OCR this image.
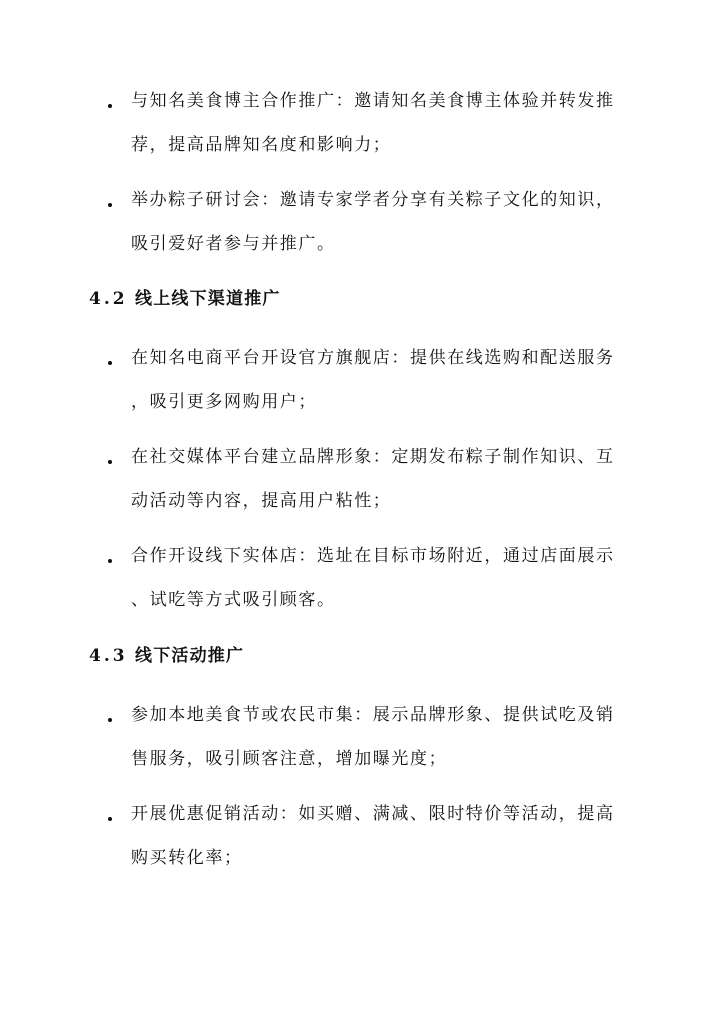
与知名美食博主合作推广：邀请知名美食博主体验并转发推
荐，提高品牌知名度和影响力；
举办粽子研讨会：邀请专家学者分享有关粽子文化的知识，
吸引爱好者参与并推广。
4.2 线上线下渠道推广
在知名电商平台开设官方旗舰店：提供在线选购和配送服务
，吸引更多网购用户；
在社交媒体平台建立品牌形象：定期发布粽子制作知识、互
动活动等内容，提高用户粘性；
合作开设线下实体店：选址在目标市场附近，通过店面展示
、试吃等方式吸引顾客。
4.3 线下活动推广
参加本地美食节或农民市集：展示品牌形象、提供试吃及销
售服务，吸引顾客注意，增加曝光度；
开展优惠促销活动：如买赠、满减、限时特价等活动，提高
购买转化率；
